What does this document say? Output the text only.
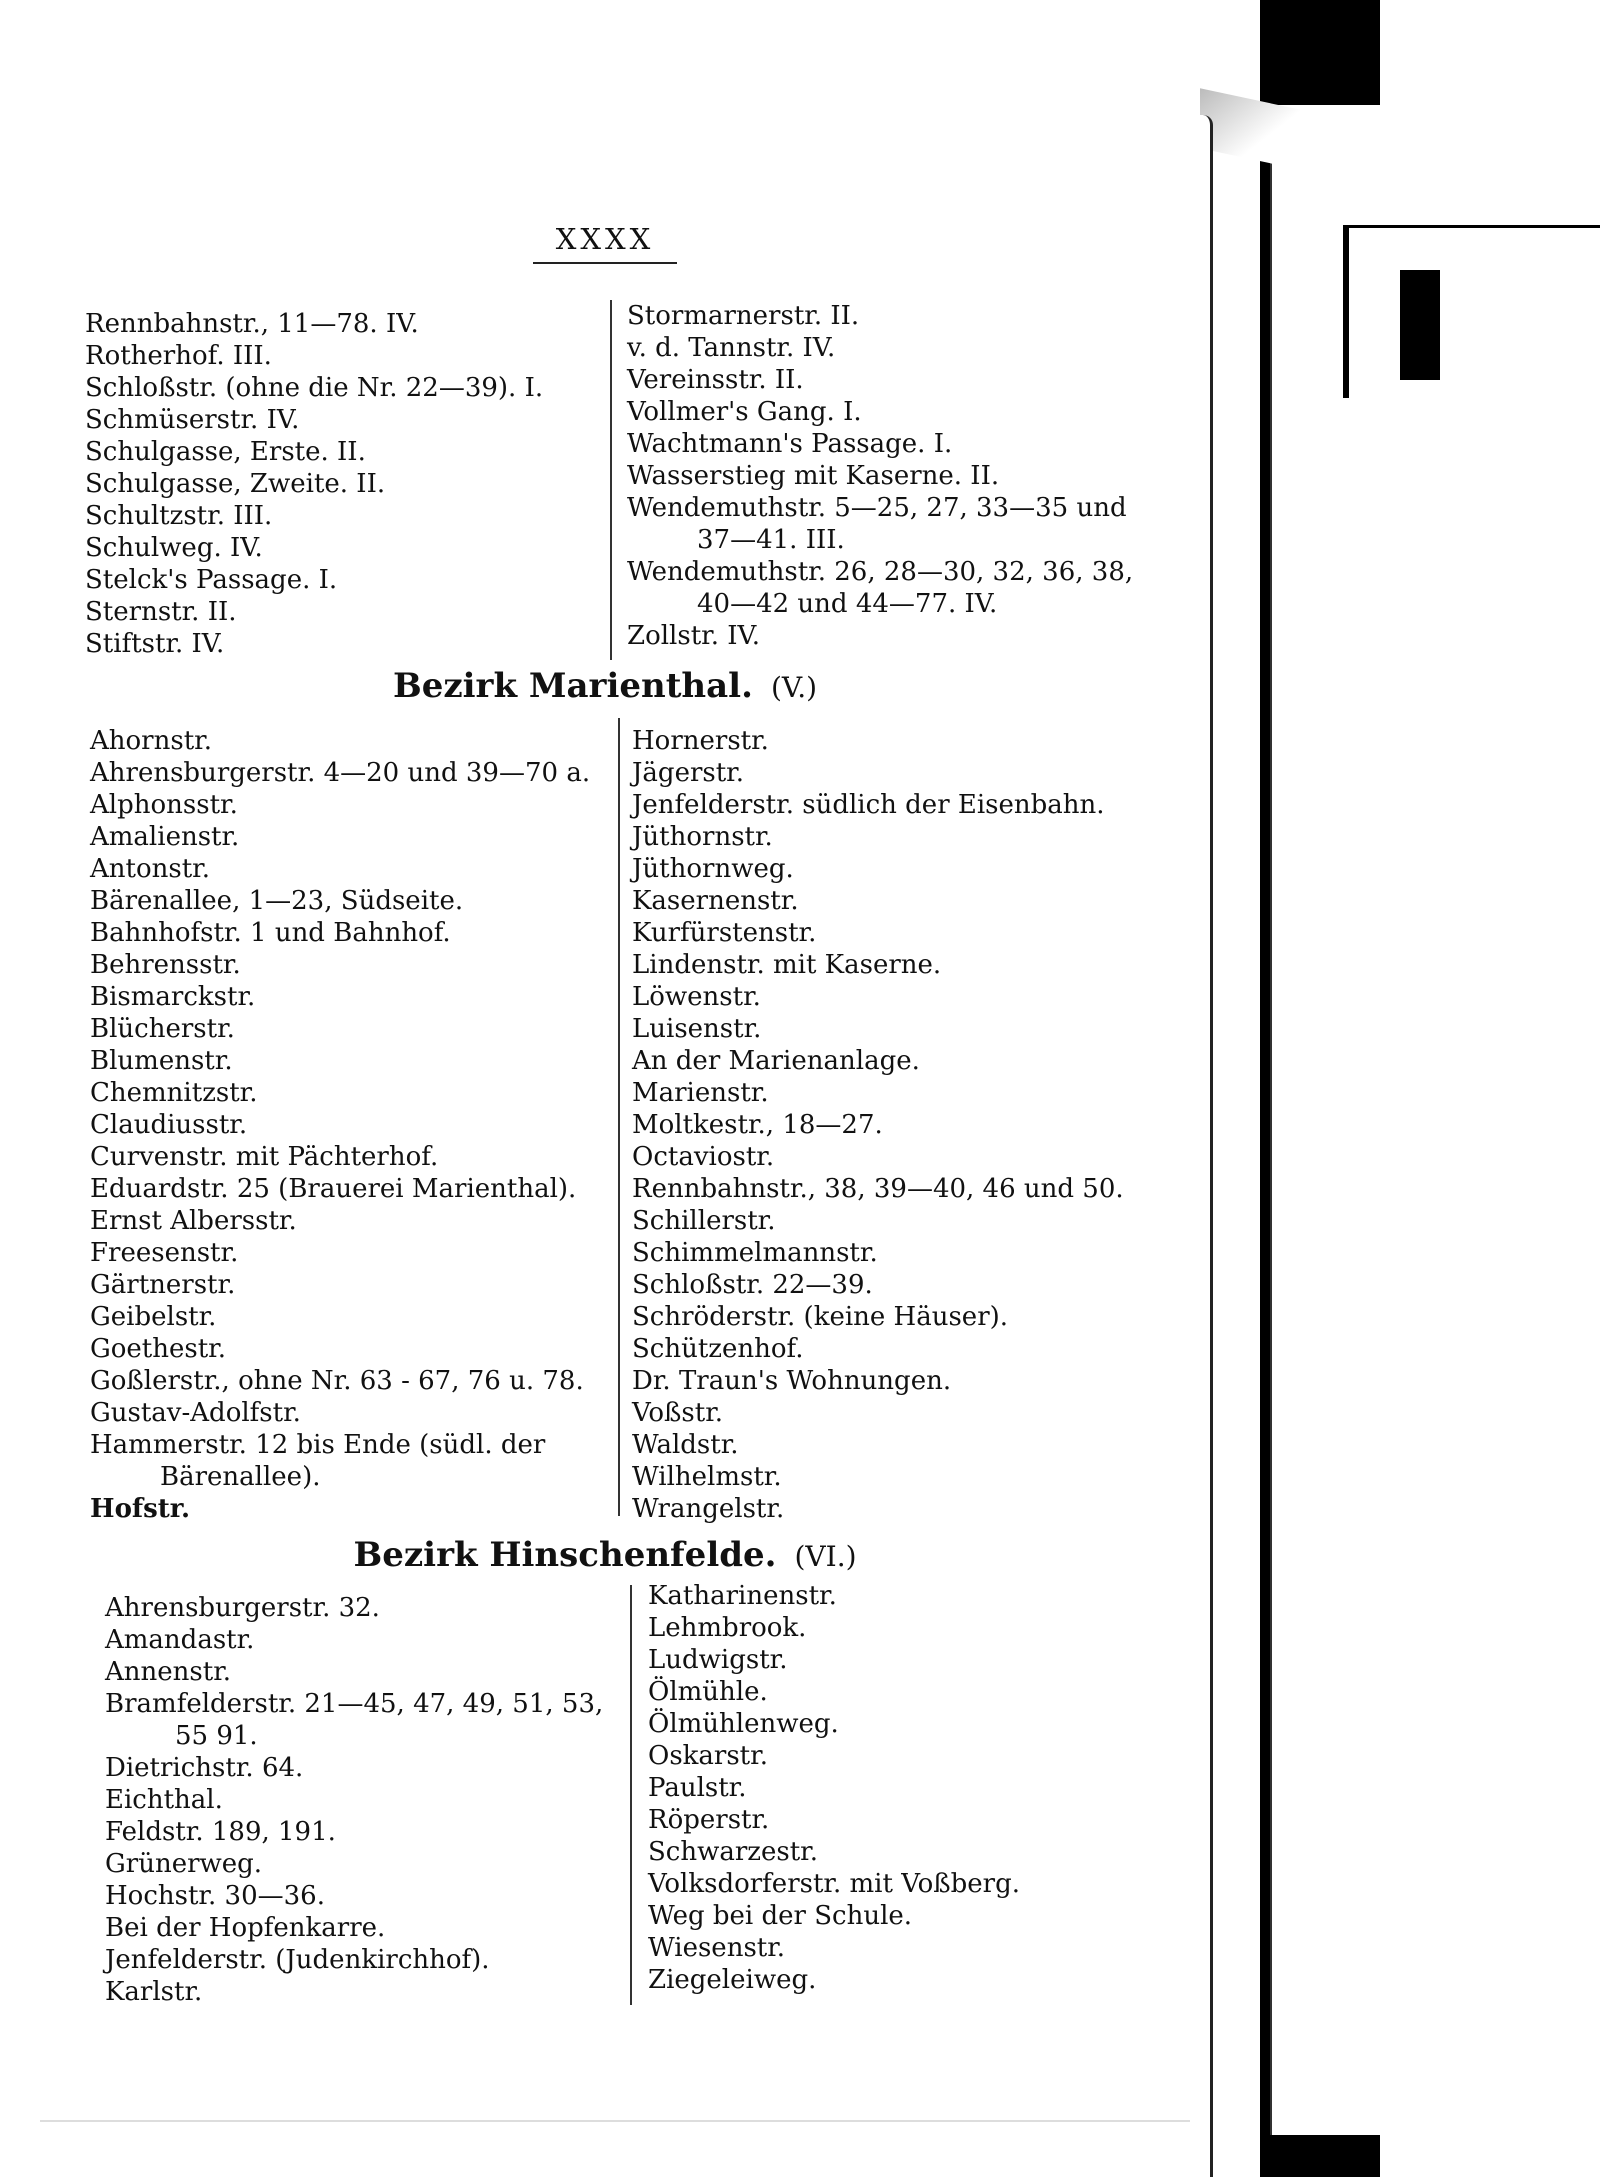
XXXX
Rennbahnstr., 11—78. IV.
Rotherhof. III.
Schloßstr. (ohne die Nr. 22—39). I.
Schmüserstr. IV.
Schulgasse, Erste. II.
Schulgasse, Zweite. II.
Schultzstr. III.
Schulweg. IV.
Stelck's Passage. I.
Sternstr. II.
Stiftstr. IV.
Stormarnerstr. II.
v. d. Tannstr. IV.
Vereinsstr. II.
Vollmer's Gang. I.
Wachtmann's Passage. I.
Wasserstieg mit Kaserne. II.
Wendemuthstr. 5—25, 27, 33—35 und
37—41. III.
Wendemuthstr. 26, 28—30, 32, 36, 38,
40—42 und 44—77. IV.
Zollstr. IV.
Bezirk Marienthal. (V.)
Ahornstr.
Ahrensburgerstr. 4—20 und 39—70 a.
Alphonsstr.
Amalienstr.
Antonstr.
Bärenallee, 1—23, Südseite.
Bahnhofstr. 1 und Bahnhof.
Behrensstr.
Bismarckstr.
Blücherstr.
Blumenstr.
Chemnitzstr.
Claudiusstr.
Curvenstr. mit Pächterhof.
Eduardstr. 25 (Brauerei Marienthal).
Ernst Albersstr.
Freesenstr.
Gärtnerstr.
Geibelstr.
Goethestr.
Goßlerstr., ohne Nr. 63 - 67, 76 u. 78.
Gustav-Adolfstr.
Hammerstr. 12 bis Ende (südl. der
Bärenallee).
Hofstr.
Hornerstr.
Jägerstr.
Jenfelderstr. südlich der Eisenbahn.
Jüthornstr.
Jüthornweg.
Kasernenstr.
Kurfürstenstr.
Lindenstr. mit Kaserne.
Löwenstr.
Luisenstr.
An der Marienanlage.
Marienstr.
Moltkestr., 18—27.
Octaviostr.
Rennbahnstr., 38, 39—40, 46 und 50.
Schillerstr.
Schimmelmannstr.
Schloßstr. 22—39.
Schröderstr. (keine Häuser).
Schützenhof.
Dr. Traun's Wohnungen.
Voßstr.
Waldstr.
Wilhelmstr.
Wrangelstr.
Bezirk Hinschenfelde. (VI.)
Ahrensburgerstr. 32.
Amandastr.
Annenstr.
Bramfelderstr. 21—45, 47, 49, 51, 53,
55 91.
Dietrichstr. 64.
Eichthal.
Feldstr. 189, 191.
Grünerweg.
Hochstr. 30—36.
Bei der Hopfenkarre.
Jenfelderstr. (Judenkirchhof).
Karlstr.
Katharinenstr.
Lehmbrook.
Ludwigstr.
Ölmühle.
Ölmühlenweg.
Oskarstr.
Paulstr.
Röperstr.
Schwarzestr.
Volksdorferstr. mit Voßberg.
Weg bei der Schule.
Wiesenstr.
Ziegeleiweg.
